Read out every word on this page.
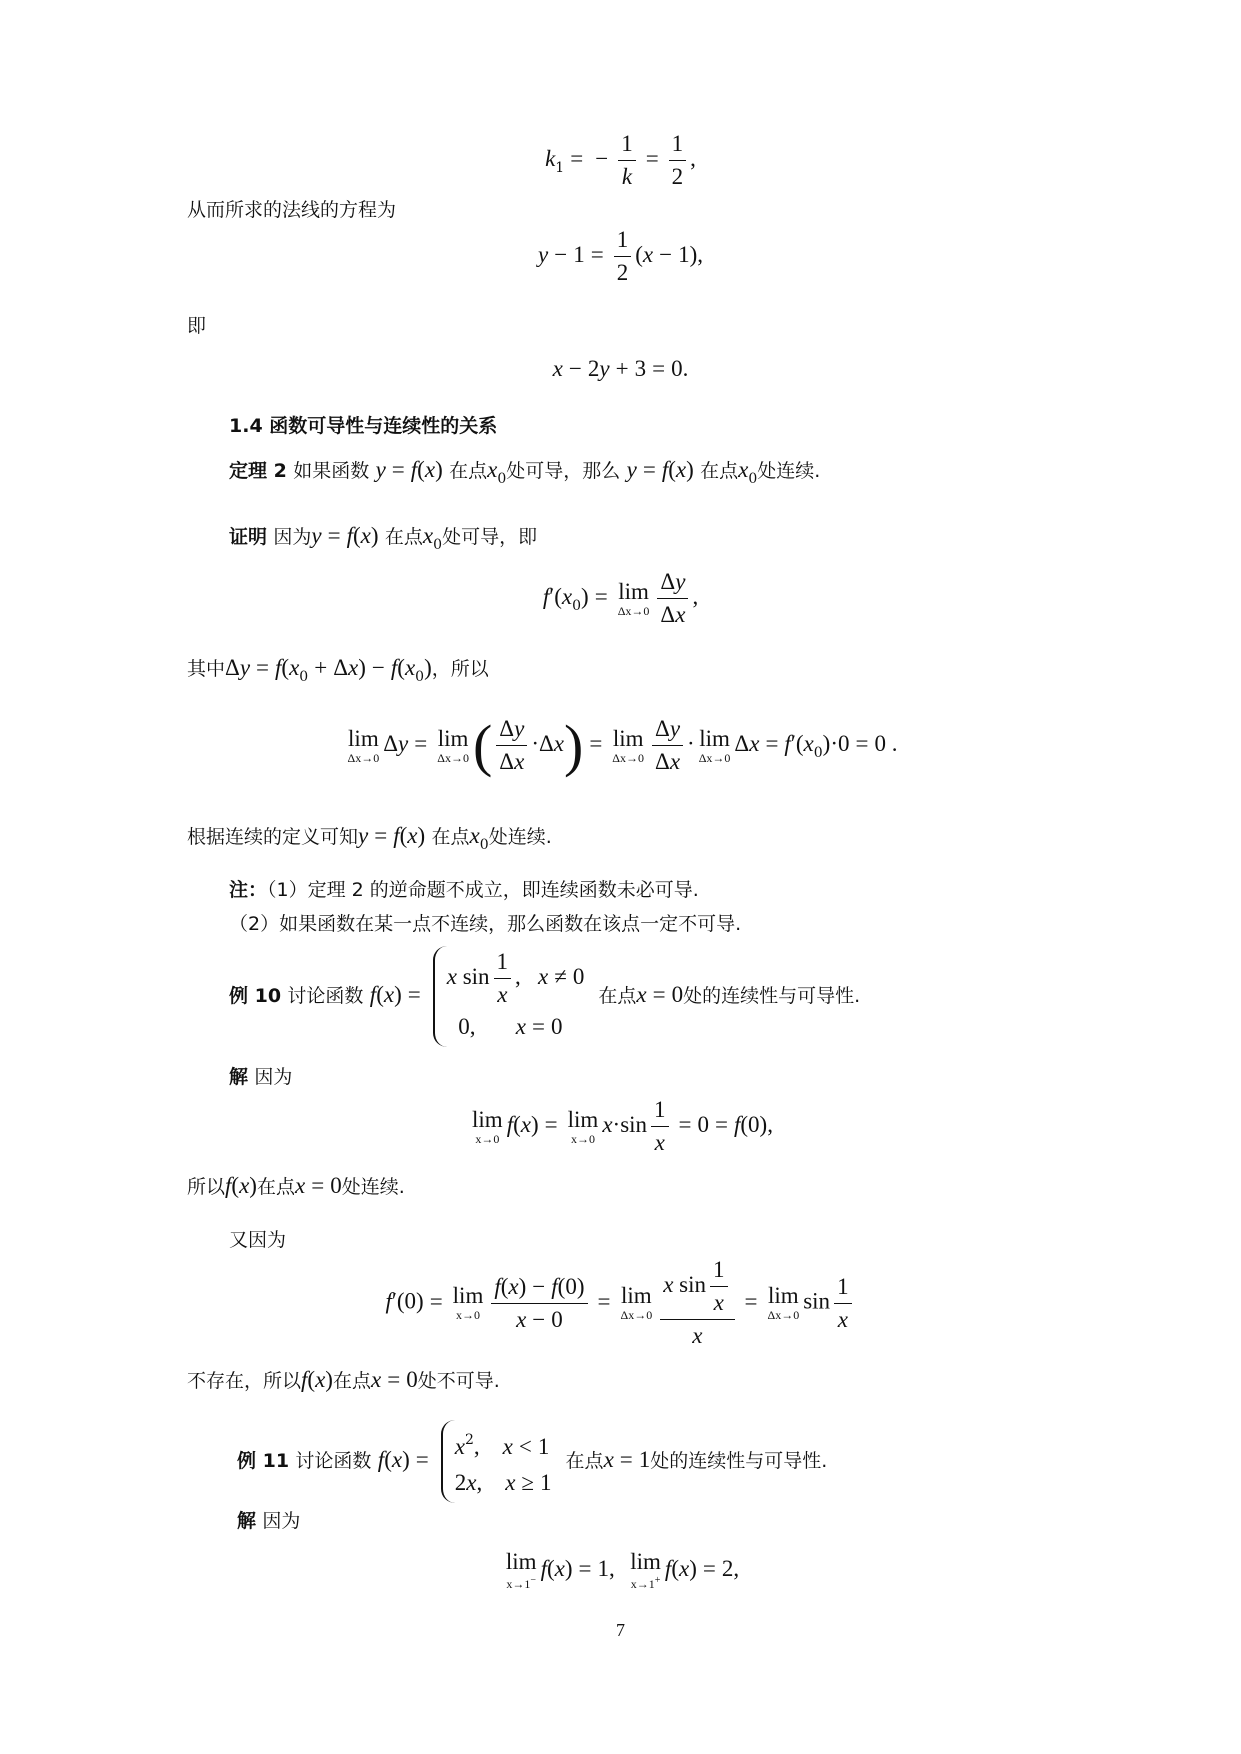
$k_1$ = − $\frac{1}{k} = \frac{1}{2}$ ,
从而所求的法线的方程为
$y - 1 = \frac{1}{2} (x - 1)$,
即
x − 2y + 3 = 0.
1.4 函数可导性与连续性的关系
定理 2 如果函数 y = f(x) 在点$x_0$处可导，那么 y = f(x) 在点$x_0$处连续.
证明 因为y = f(x) 在点$x_0$处可导，即
$f'(x_0) = \lim$
$\Delta x\to 0 \frac{\Delta y}{\Delta x}$ ,
其中$\Delta y = f(x_0 + \Delta x) - f(x_0)$，所以
lim
Δx→0
Δy = lim
Δx→0 ( $\frac{\Delta y}{\Delta x} \cdot\Delta x) = \lim$
$\Delta x\to 0 \frac{\Delta y}{\Delta x} \cdot \lim$
Δx→0
$\Delta x = f'(x_0)\cdot 0 = 0$ .
根据连续的定义可知y = f(x) 在点$x_0$处连续.
注：（1）定理 2 的逆命题不成立，即连续函数未必可导.
（2）如果函数在某一点不连续，那么函数在该点一定不可导.
例 10 讨论函数 f(x) =
x $\sin \frac{1}{x}$ ,   x ≠ 0
0,       x = 0
在点x = 0处的连续性与可导性.
解 因为
lim
x→0
f(x) = lim
x→0
$x\cdot\sin \frac{1}{x} = 0 = f(0)$,
所以f(x)在点x = 0处连续.
又因为
f′(0) = lim
$x\to 0 \frac{f(x) - f(0)}{x - 0} = \lim$
$\Delta x\to 0 \frac{x \sin \frac{1}{x}}{x} = \lim$
Δx→0
$\sin \frac{1}{x}$
不存在，所以f(x)在点x = 0处不可导.
例 11 讨论函数 f(x) =
$x^2$,    x < 1
2x,    x ≥ 1
在点x = 1处的连续性与可导性.
解 因为
lim
x→1− f(x) = 1, lim
x→1+ f(x) = 2,
7
